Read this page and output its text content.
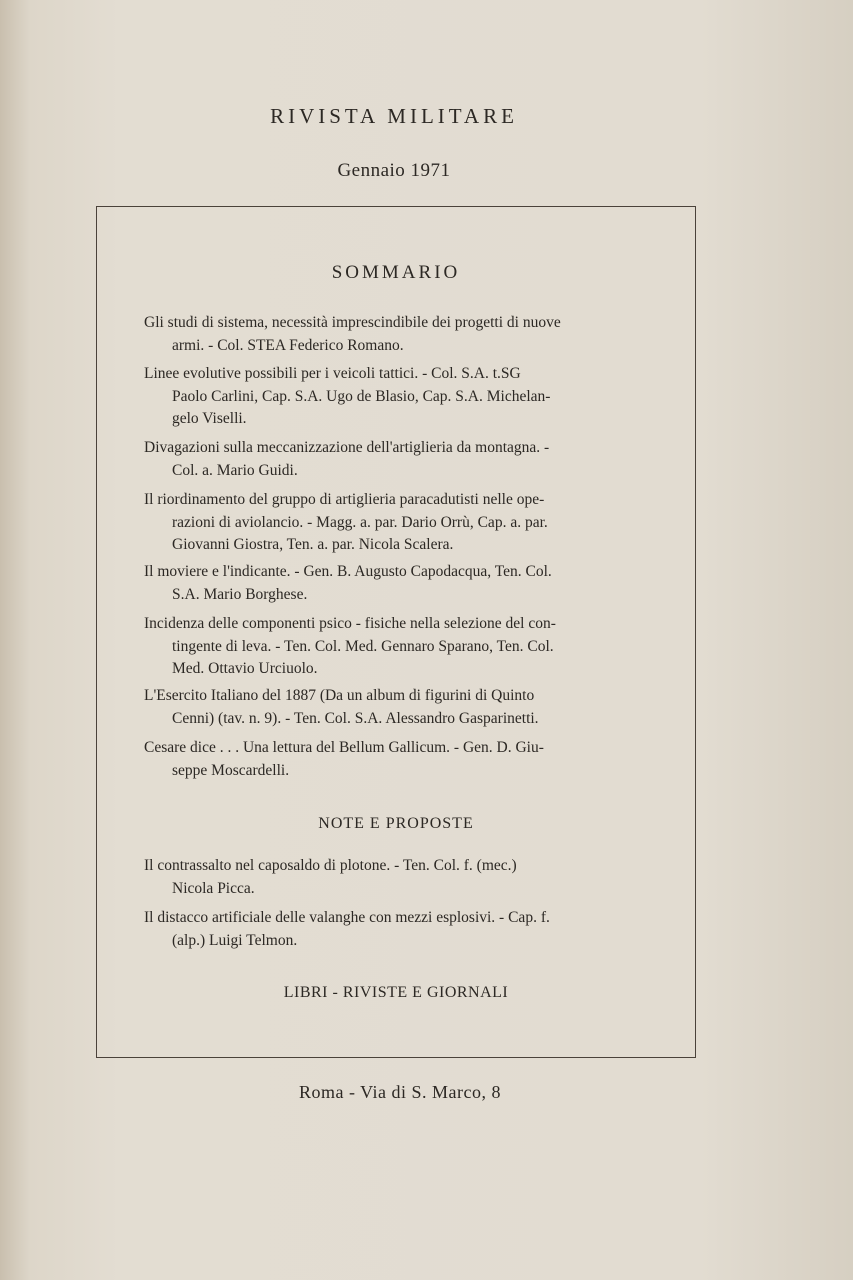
RIVISTA MILITARE
Gennaio 1971
SOMMARIO
Gli studi di sistema, necessità imprescindibile dei progetti di nuove
armi. - Col. STEA Federico Romano.
Linee evolutive possibili per i veicoli tattici. - Col. S.A. t.SG
Paolo Carlini, Cap. S.A. Ugo de Blasio, Cap. S.A. Michelan-
gelo Viselli.
Divagazioni sulla meccanizzazione dell'artiglieria da montagna. -
Col. a. Mario Guidi.
Il riordinamento del gruppo di artiglieria paracadutisti nelle ope-
razioni di aviolancio. - Magg. a. par. Dario Orrù, Cap. a. par.
Giovanni Giostra, Ten. a. par. Nicola Scalera.
Il moviere e l'indicante. - Gen. B. Augusto Capodacqua, Ten. Col.
S.A. Mario Borghese.
Incidenza delle componenti psico - fisiche nella selezione del con-
tingente di leva. - Ten. Col. Med. Gennaro Sparano, Ten. Col.
Med. Ottavio Urciuolo.
L'Esercito Italiano del 1887 (Da un album di figurini di Quinto
Cenni) (tav. n. 9). - Ten. Col. S.A. Alessandro Gasparinetti.
Cesare dice . . . Una lettura del Bellum Gallicum. - Gen. D. Giu-
seppe Moscardelli.
NOTE E PROPOSTE
Il contrassalto nel caposaldo di plotone. - Ten. Col. f. (mec.)
Nicola Picca.
Il distacco artificiale delle valanghe con mezzi esplosivi. - Cap. f.
(alp.) Luigi Telmon.
LIBRI - RIVISTE E GIORNALI
Roma - Via di S. Marco, 8
